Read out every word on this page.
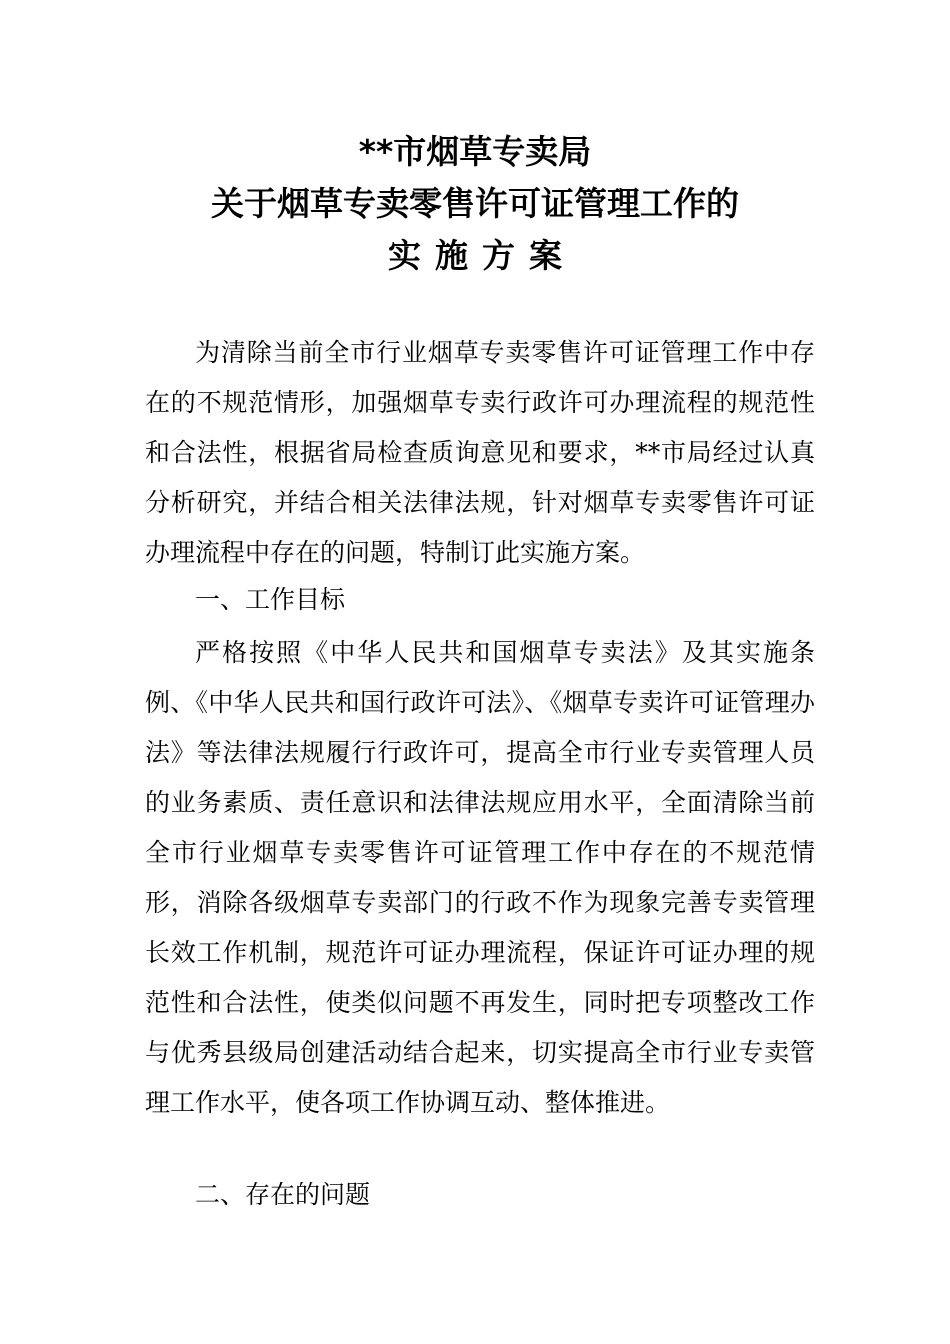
**市烟草专卖局
关于烟草专卖零售许可证管理工作的
实施方案

为清除当前全市行业烟草专卖零售许可证管理工作中存在的不规范情形，加强烟草专卖行政许可办理流程的规范性和合法性，根据省局检查质询意见和要求，**市局经过认真分析研究，并结合相关法律法规，针对烟草专卖零售许可证办理流程中存在的问题，特制订此实施方案。

一、工作目标

严格按照《中华人民共和国烟草专卖法》及其实施条例、《中华人民共和国行政许可法》、《烟草专卖许可证管理办法》等法律法规履行行政许可，提高全市行业专卖管理人员的业务素质、责任意识和法律法规应用水平，全面清除当前全市行业烟草专卖零售许可证管理工作中存在的不规范情形，消除各级烟草专卖部门的行政不作为现象完善专卖管理长效工作机制，规范许可证办理流程，保证许可证办理的规范性和合法性，使类似问题不再发生，同时把专项整改工作与优秀县级局创建活动结合起来，切实提高全市行业专卖管理工作水平，使各项工作协调互动、整体推进。

二、存在的问题
